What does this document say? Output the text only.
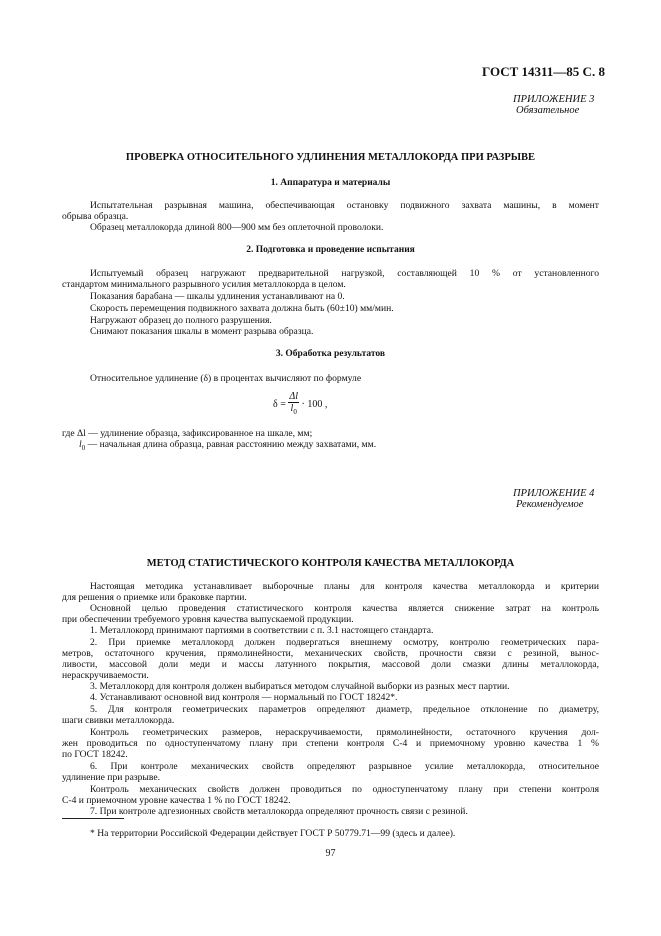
ГОСТ 14311—85 С. 8
ПРИЛОЖЕНИЕ 3
Обязательное
ПРОВЕРКА ОТНОСИТЕЛЬНОГО УДЛИНЕНИЯ МЕТАЛЛОКОРДА ПРИ РАЗРЫВЕ
1. Аппаратура и материалы
Испытательная разрывная машина, обеспечивающая остановку подвижного захвата машины, в момент
обрыва образца.
Образец металлокорда длиной 800—900 мм без оплеточной проволоки.
2. Подготовка и проведение испытания
Испытуемый образец нагружают предварительной нагрузкой, составляющей 10 % от установленного
стандартом минимального разрывного усилия металлокорда в целом.
Показания барабана — шкалы удлинения устанавливают на 0.
Скорость перемещения подвижного захвата должна быть (60±10) мм/мин.
Нагружают образец до полного разрушения.
Снимают показания шкалы в момент разрыва образца.
3. Обработка результатов
Относительное удлинение (δ) в процентах вычисляют по формуле
$\delta = \frac{\Delta l}{l_0} \cdot 100$ ,
где Δl — удлинение образца, зафиксированное на шкале, мм;
$l_0$ — начальная длина образца, равная расстоянию между захватами, мм.
ПРИЛОЖЕНИЕ 4
Рекомендуемое
МЕТОД СТАТИСТИЧЕСКОГО КОНТРОЛЯ КАЧЕСТВА МЕТАЛЛОКОРДА
Настоящая методика устанавливает выборочные планы для контроля качества металлокорда и критерии
для решения о приемке или браковке партии.
Основной целью проведения статистического контроля качества является снижение затрат на контроль
при обеспечении требуемого уровня качества выпускаемой продукции.
1. Металлокорд принимают партиями в соответствии с п. 3.1 настоящего стандарта.
2. При приемке металлокорд должен подвергаться внешнему осмотру, контролю геометрических пара-
метров, остаточного кручения, прямолинейности, механических свойств, прочности связи с резиной, вынос-
ливости, массовой доли меди и массы латунного покрытия, массовой доли смазки длины металлокорда,
нераскручиваемости.
3. Металлокорд для контроля должен выбираться методом случайной выборки из разных мест партии.
4. Устанавливают основной вид контроля — нормальный по ГОСТ 18242*.
5. Для контроля геометрических параметров определяют диаметр, предельное отклонение по диаметру,
шаги свивки металлокорда.
Контроль геометрических размеров, нераскручиваемости, прямолинейности, остаточного кручения дол-
жен проводиться по одноступенчатому плану при степени контроля С-4 и приемочному уровню качества 1 %
по ГОСТ 18242.
6. При контроле механических свойств определяют разрывное усилие металлокорда, относительное
удлинение при разрыве.
Контроль механических свойств должен проводиться по одноступенчатому плану при степени контроля
С-4 и приемочном уровне качества 1 % по ГОСТ 18242.
7. При контроле адгезионных свойств металлокорда определяют прочность связи с резиной.
* На территории Российской Федерации действует ГОСТ Р 50779.71—99 (здесь и далее).
97
